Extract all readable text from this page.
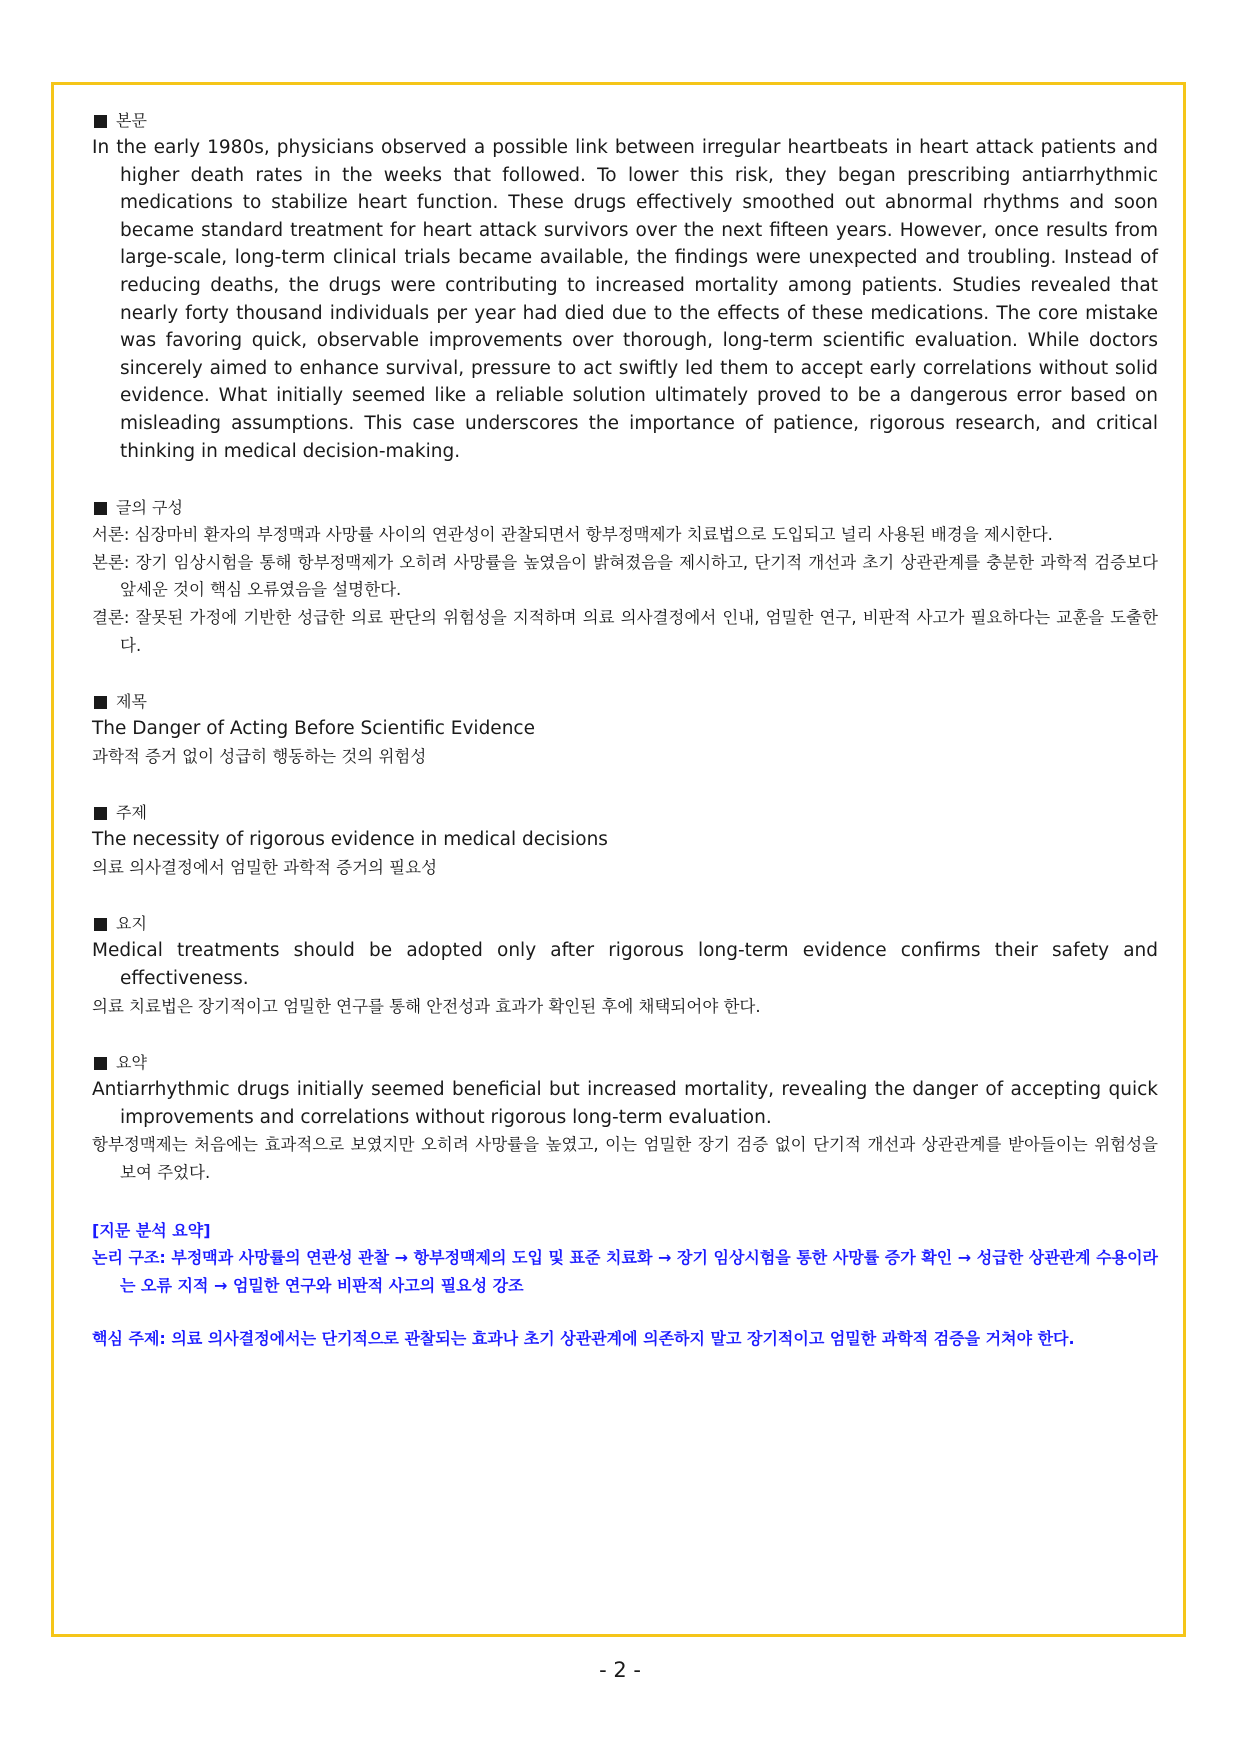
본문

In the early 1980s, physicians observed a possible link between irregular heartbeats in heart attack patients and higher death rates in the weeks that followed. To lower this risk, they began prescribing antiarrhythmic medications to stabilize heart function. These drugs effectively smoothed out abnormal rhythms and soon became standard treatment for heart attack survivors over the next fifteen years. However, once results from large-scale, long-term clinical trials became available, the findings were unexpected and troubling. Instead of reducing deaths, the drugs were contributing to increased mortality among patients. Studies revealed that nearly forty thousand individuals per year had died due to the effects of these medications. The core mistake was favoring quick, observable improvements over thorough, long-term scientific evaluation. While doctors sincerely aimed to enhance survival, pressure to act swiftly led them to accept early correlations without solid evidence. What initially seemed like a reliable solution ultimately proved to be a dangerous error based on misleading assumptions. This case underscores the importance of patience, rigorous research, and critical thinking in medical decision-making.

글의 구성

서론: 심장마비 환자의 부정맥과 사망률 사이의 연관성이 관찰되면서 항부정맥제가 치료법으로 도입되고 널리 사용된 배경을 제시한다.

본론: 장기 임상시험을 통해 항부정맥제가 오히려 사망률을 높였음이 밝혀졌음을 제시하고, 단기적 개선과 초기 상관관계를 충분한 과학적 검증보다 앞세운 것이 핵심 오류였음을 설명한다.

결론: 잘못된 가정에 기반한 성급한 의료 판단의 위험성을 지적하며 의료 의사결정에서 인내, 엄밀한 연구, 비판적 사고가 필요하다는 교훈을 도출한다.

제목

The Danger of Acting Before Scientific Evidence

과학적 증거 없이 성급히 행동하는 것의 위험성

주제

The necessity of rigorous evidence in medical decisions

의료 의사결정에서 엄밀한 과학적 증거의 필요성

요지

Medical treatments should be adopted only after rigorous long-term evidence confirms their safety and effectiveness.

의료 치료법은 장기적이고 엄밀한 연구를 통해 안전성과 효과가 확인된 후에 채택되어야 한다.

요약

Antiarrhythmic drugs initially seemed beneficial but increased mortality, revealing the danger of accepting quick improvements and correlations without rigorous long-term evaluation.

항부정맥제는 처음에는 효과적으로 보였지만 오히려 사망률을 높였고, 이는 엄밀한 장기 검증 없이 단기적 개선과 상관관계를 받아들이는 위험성을 보여 주었다.

[지문 분석 요약]

논리 구조: 부정맥과 사망률의 연관성 관찰 → 항부정맥제의 도입 및 표준 치료화 → 장기 임상시험을 통한 사망률 증가 확인 → 성급한 상관관계 수용이라는 오류 지적 → 엄밀한 연구와 비판적 사고의 필요성 강조

핵심 주제: 의료 의사결정에서는 단기적으로 관찰되는 효과나 초기 상관관계에 의존하지 말고 장기적이고 엄밀한 과학적 검증을 거쳐야 한다.

- 2 -
